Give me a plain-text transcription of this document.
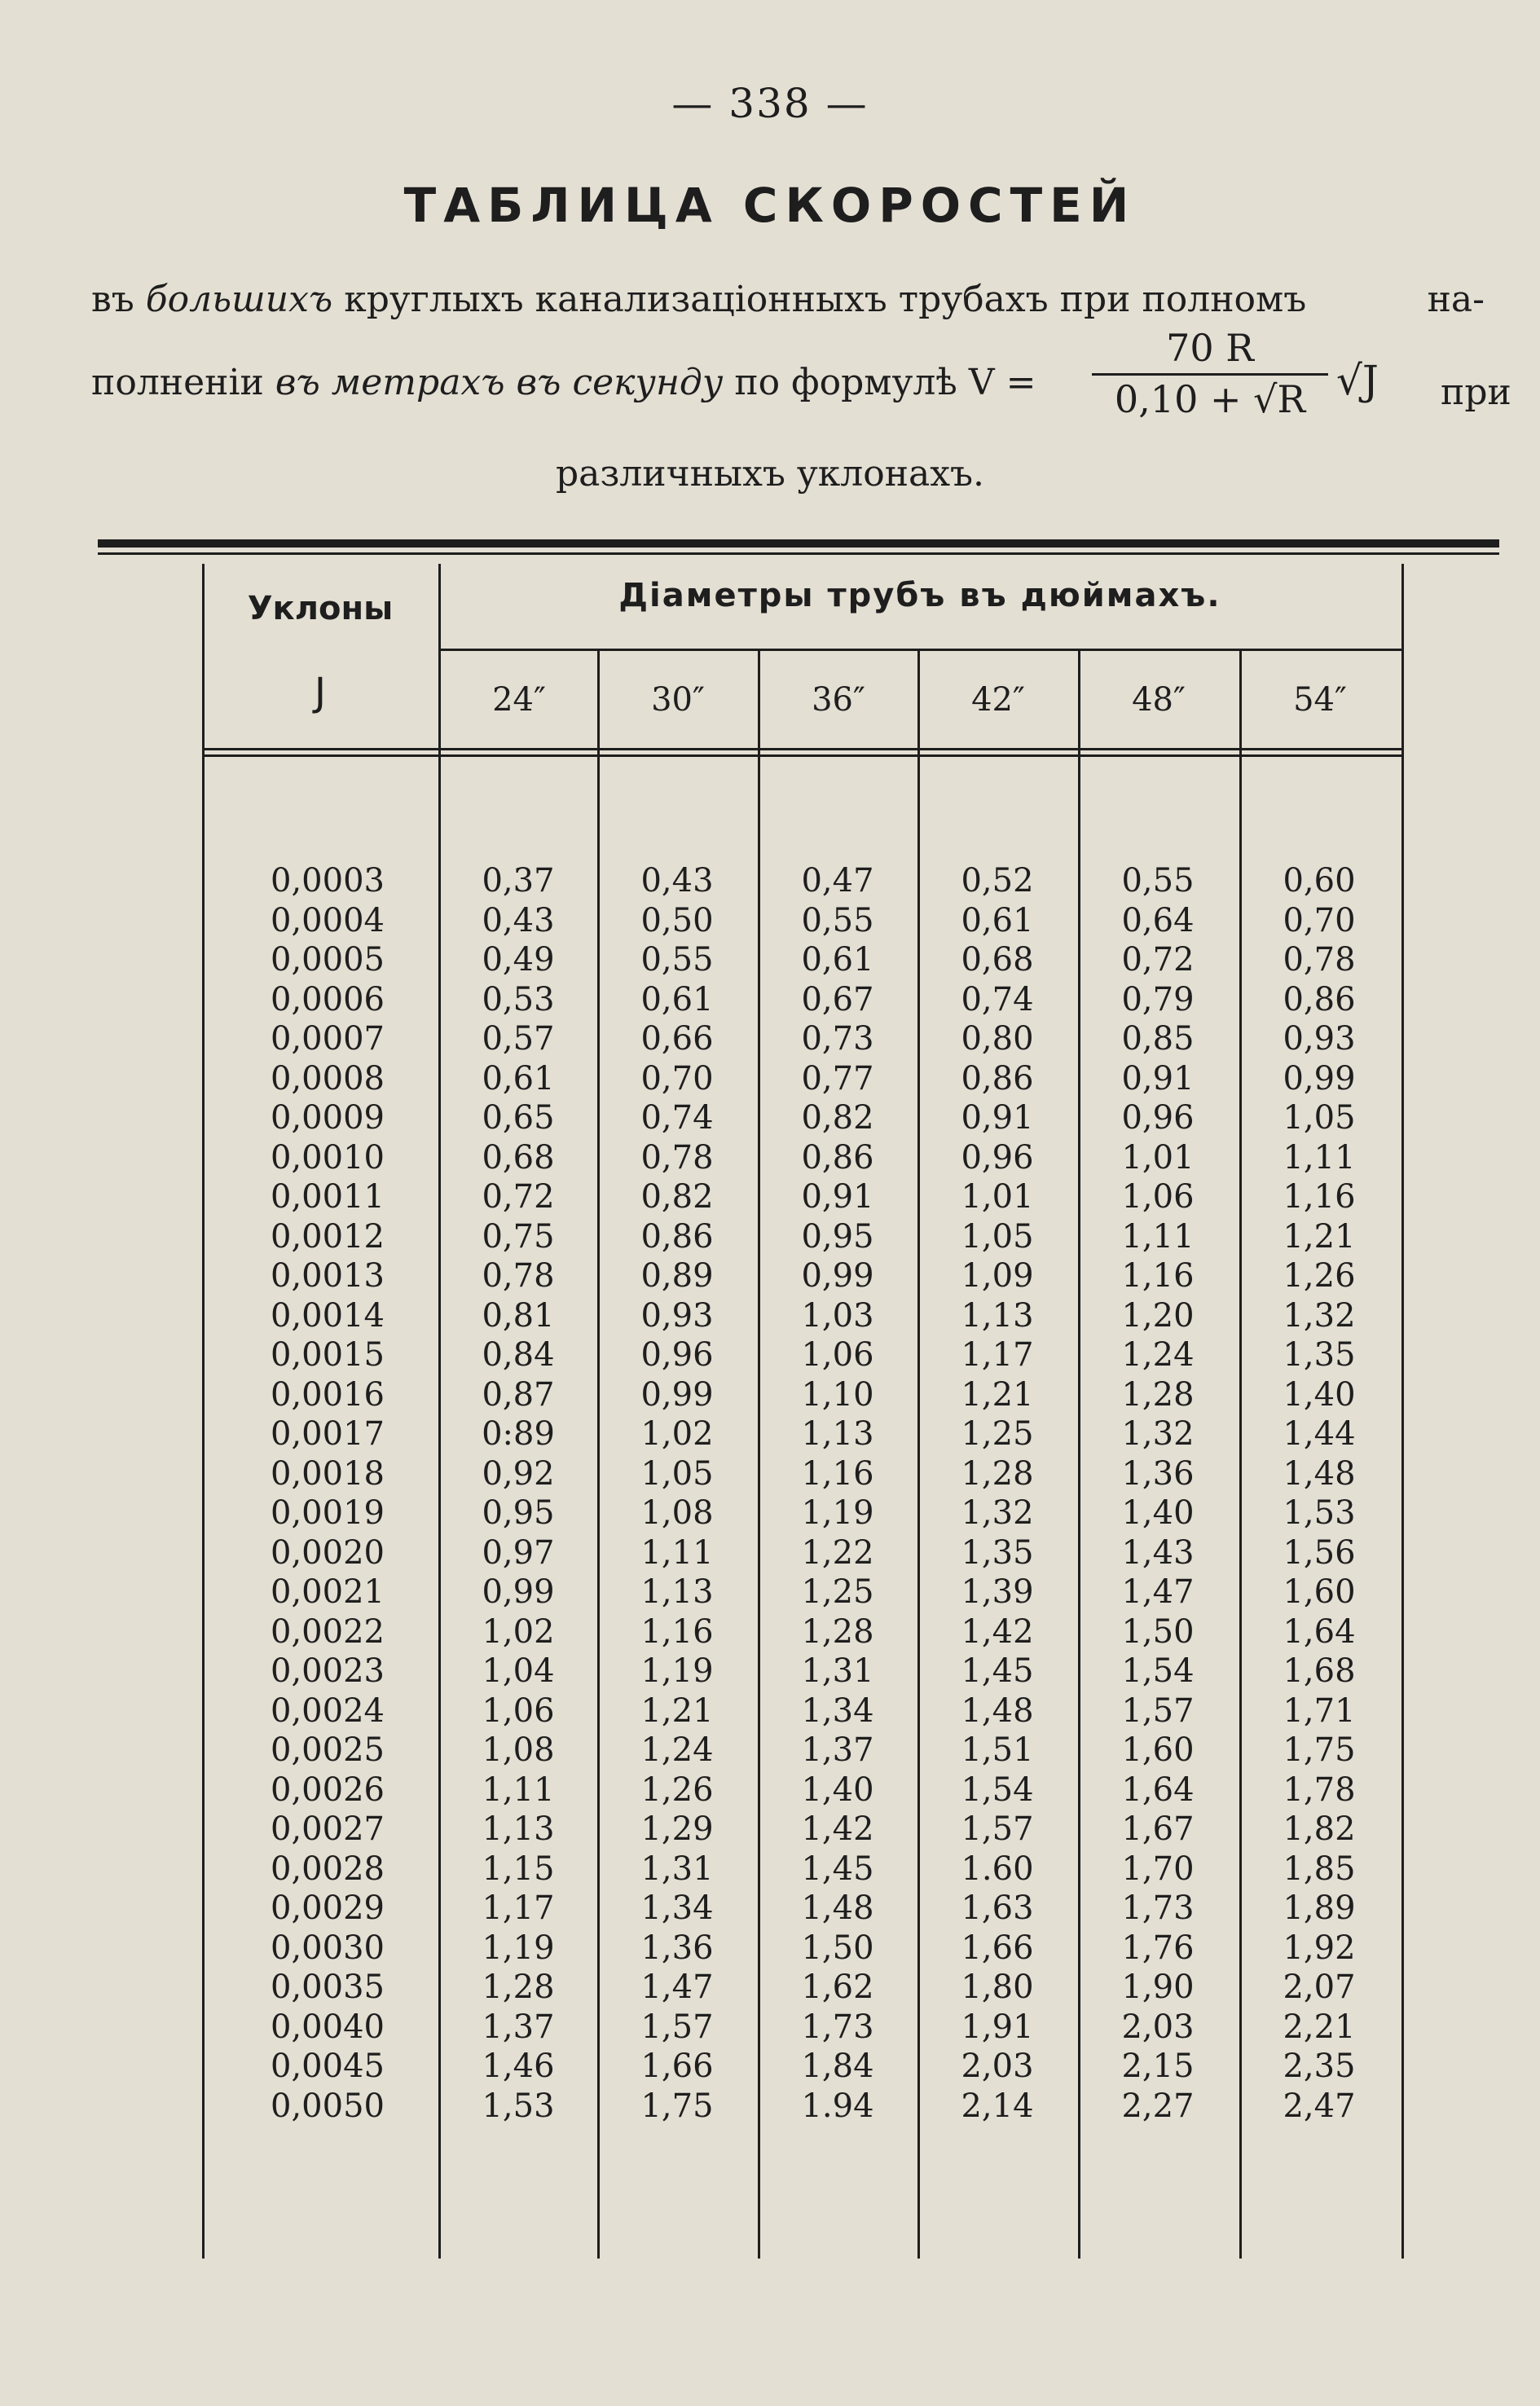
— 338 —
ТАБЛИЦА СКОРОСТЕЙ
въ большихъ круглыхъ канализацiонныхъ трубахъ при полномъ	на-
полненiи въ метрахъ въ секунду по формулѣ $V = \frac{70 R}{0,10 + √R} √J$ при
различныхъ уклонахъ.
Уклоны
J
Дiаметры трубъ въ дюймахъ.
24″	30″	36″	42″	48″	54″
0,0003	0,37	0,43	0,47	0,52	0,55	0,60
0,0004	0,43	0,50	0,55	0,61	0,64	0,70
0,0005	0,49	0,55	0,61	0,68	0,72	0,78
0,0006	0,53	0,61	0,67	0,74	0,79	0,86
0,0007	0,57	0,66	0,73	0,80	0,85	0,93
0,0008	0,61	0,70	0,77	0,86	0,91	0,99
0,0009	0,65	0,74	0,82	0,91	0,96	1,05
0,0010	0,68	0,78	0,86	0,96	1,01	1,11
0,0011	0,72	0,82	0,91	1,01	1,06	1,16
0,0012	0,75	0,86	0,95	1,05	1,11	1,21
0,0013	0,78	0,89	0,99	1,09	1,16	1,26
0,0014	0,81	0,93	1,03	1,13	1,20	1,32
0,0015	0,84	0,96	1,06	1,17	1,24	1,35
0,0016	0,87	0,99	1,10	1,21	1,28	1,40
0,0017	0:89	1,02	1,13	1,25	1,32	1,44
0,0018	0,92	1,05	1,16	1,28	1,36	1,48
0,0019	0,95	1,08	1,19	1,32	1,40	1,53
0,0020	0,97	1,11	1,22	1,35	1,43	1,56
0,0021	0,99	1,13	1,25	1,39	1,47	1,60
0,0022	1,02	1,16	1,28	1,42	1,50	1,64
0,0023	1,04	1,19	1,31	1,45	1,54	1,68
0,0024	1,06	1,21	1,34	1,48	1,57	1,71
0,0025	1,08	1,24	1,37	1,51	1,60	1,75
0,0026	1,11	1,26	1,40	1,54	1,64	1,78
0,0027	1,13	1,29	1,42	1,57	1,67	1,82
0,0028	1,15	1,31	1,45	1.60	1,70	1,85
0,0029	1,17	1,34	1,48	1,63	1,73	1,89
0,0030	1,19	1,36	1,50	1,66	1,76	1,92
0,0035	1,28	1,47	1,62	1,80	1,90	2,07
0,0040	1,37	1,57	1,73	1,91	2,03	2,21
0,0045	1,46	1,66	1,84	2,03	2,15	2,35
0,0050	1,53	1,75	1.94	2,14	2,27	2,47
